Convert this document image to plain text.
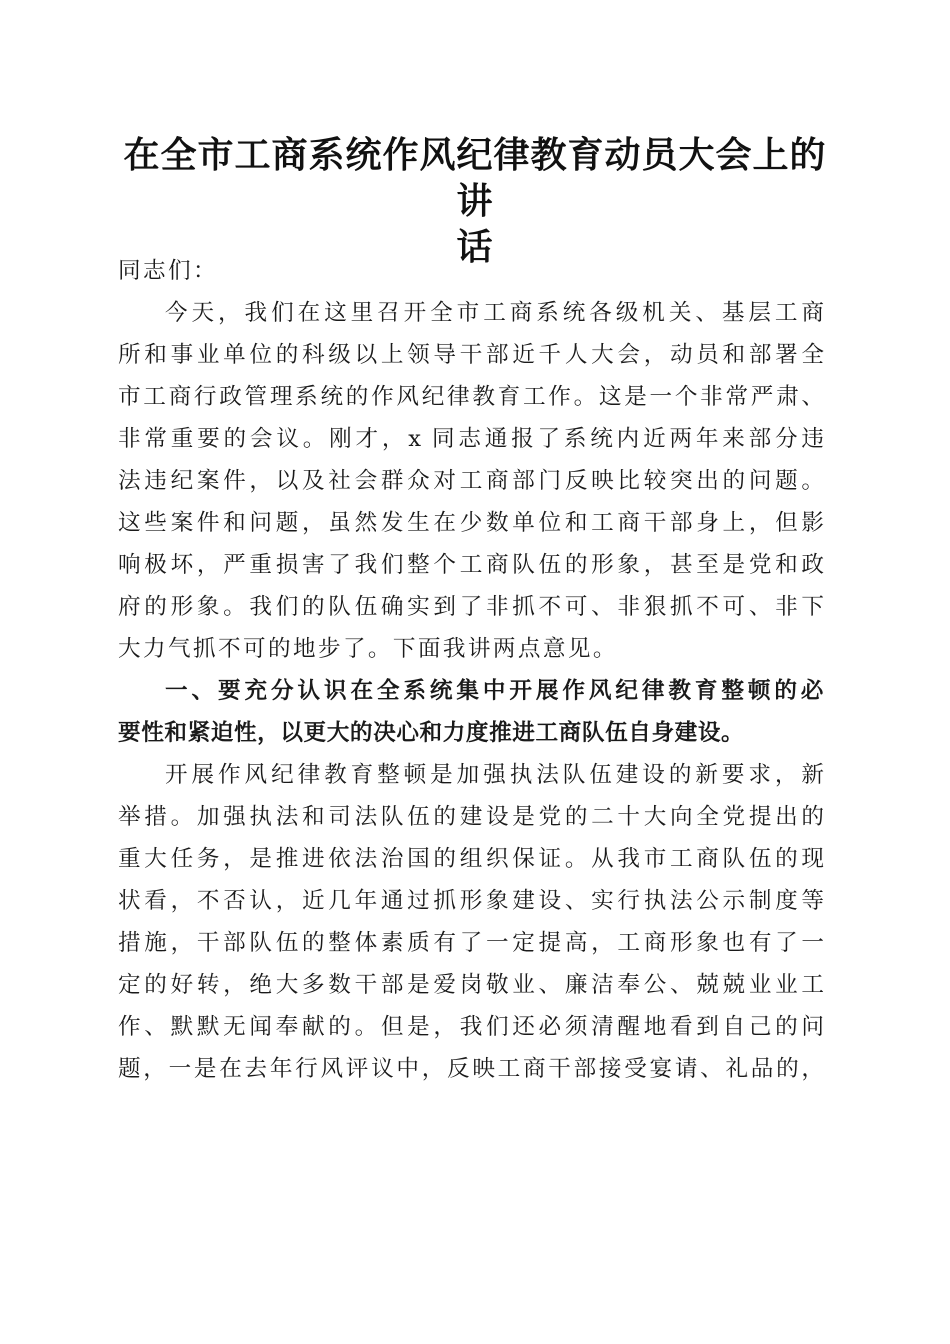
在全市工商系统作风纪律教育动员大会上的讲
话
同志们：
今天，我们在这里召开全市工商系统各级机关、基层工商
所和事业单位的科级以上领导干部近千人大会，动员和部署全
市工商行政管理系统的作风纪律教育工作。这是一个非常严肃、
非常重要的会议。刚才，x 同志通报了系统内近两年来部分违
法违纪案件，以及社会群众对工商部门反映比较突出的问题。
这些案件和问题，虽然发生在少数单位和工商干部身上，但影
响极坏，严重损害了我们整个工商队伍的形象，甚至是党和政
府的形象。我们的队伍确实到了非抓不可、非狠抓不可、非下
大力气抓不可的地步了。下面我讲两点意见。
一、要充分认识在全系统集中开展作风纪律教育整顿的必
要性和紧迫性，以更大的决心和力度推进工商队伍自身建设。
开展作风纪律教育整顿是加强执法队伍建设的新要求，新
举措。加强执法和司法队伍的建设是党的二十大向全党提出的
重大任务，是推进依法治国的组织保证。从我市工商队伍的现
状看，不否认，近几年通过抓形象建设、实行执法公示制度等
措施，干部队伍的整体素质有了一定提高，工商形象也有了一
定的好转，绝大多数干部是爱岗敬业、廉洁奉公、兢兢业业工
作、默默无闻奉献的。但是，我们还必须清醒地看到自己的问
题，一是在去年行风评议中，反映工商干部接受宴请、礼品的，
